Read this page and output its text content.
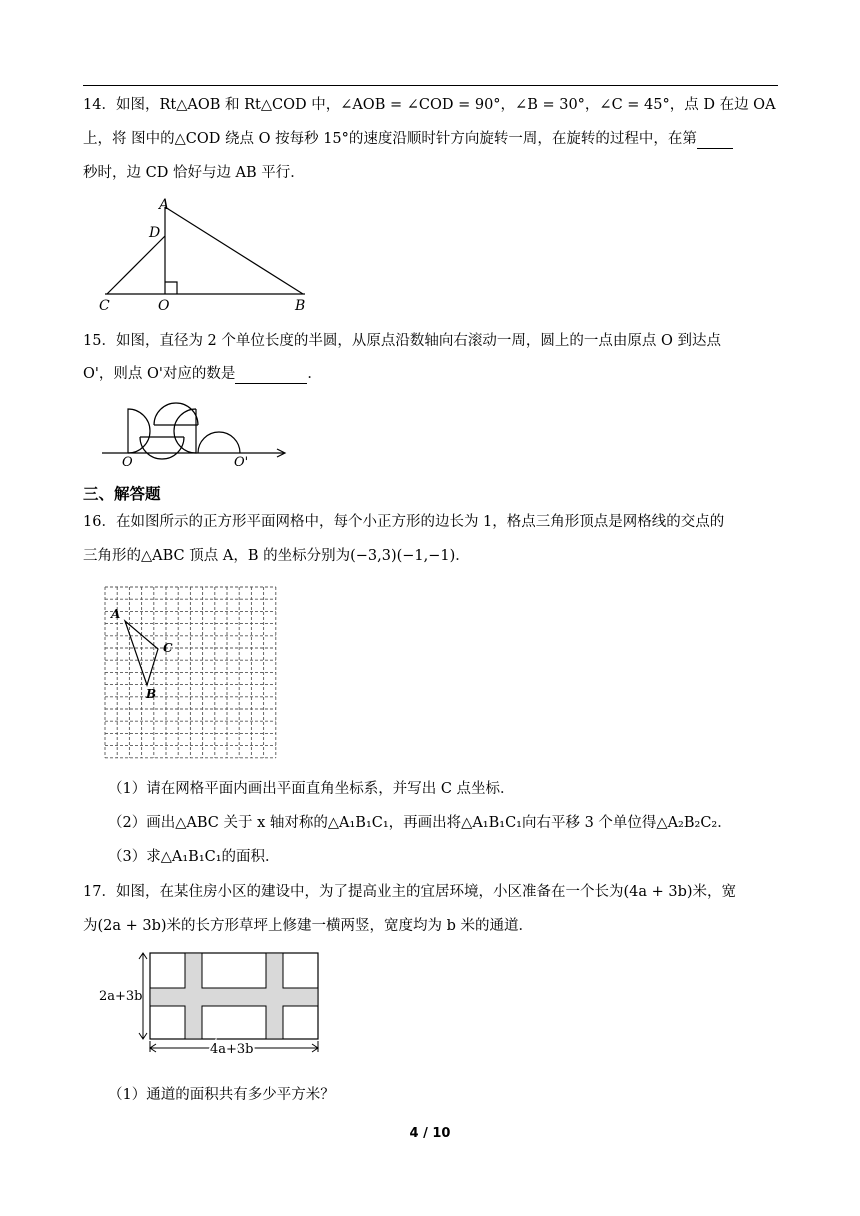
14．如图，Rt△AOB 和 Rt△COD 中，∠AOB = ∠COD = 90°，∠B = 30°，∠C = 45°，点 D 在边 OA
上，将 图中的△COD 绕点 O 按每秒 15°的速度沿顺时针方向旋转一周，在旋转的过程中，在第
秒时，边 CD 恰好与边 AB 平行．
A
D
C	O	B
15．如图，直径为 2 个单位长度的半圆，从原点沿数轴向右滚动一周，圆上的一点由原点 O 到达点
O'，则点 O'对应的数是	．
O	O'
三、解答题
16．在如图所示的正方形平面网格中，每个小正方形的边长为 1，格点三角形顶点是网格线的交点的
三角形的△ABC 顶点 A，B 的坐标分别为(−3,3)(−1,−1)．
A
B
C
（1）请在网格平面内画出平面直角坐标系，并写出 C 点坐标．
（2）画出△ABC 关于 x 轴对称的△A₁B₁C₁，再画出将△A₁B₁C₁向右平移 3 个单位得△A₂B₂C₂．
（3）求△A₁B₁C₁的面积．
17．如图，在某住房小区的建设中，为了提高业主的宜居环境，小区准备在一个长为(4a + 3b)米，宽
为(2a + 3b)米的长方形草坪上修建一横两竖，宽度均为 b 米的通道．
2a+3b
4a+3b
（1）通道的面积共有多少平方米？
4 / 10
